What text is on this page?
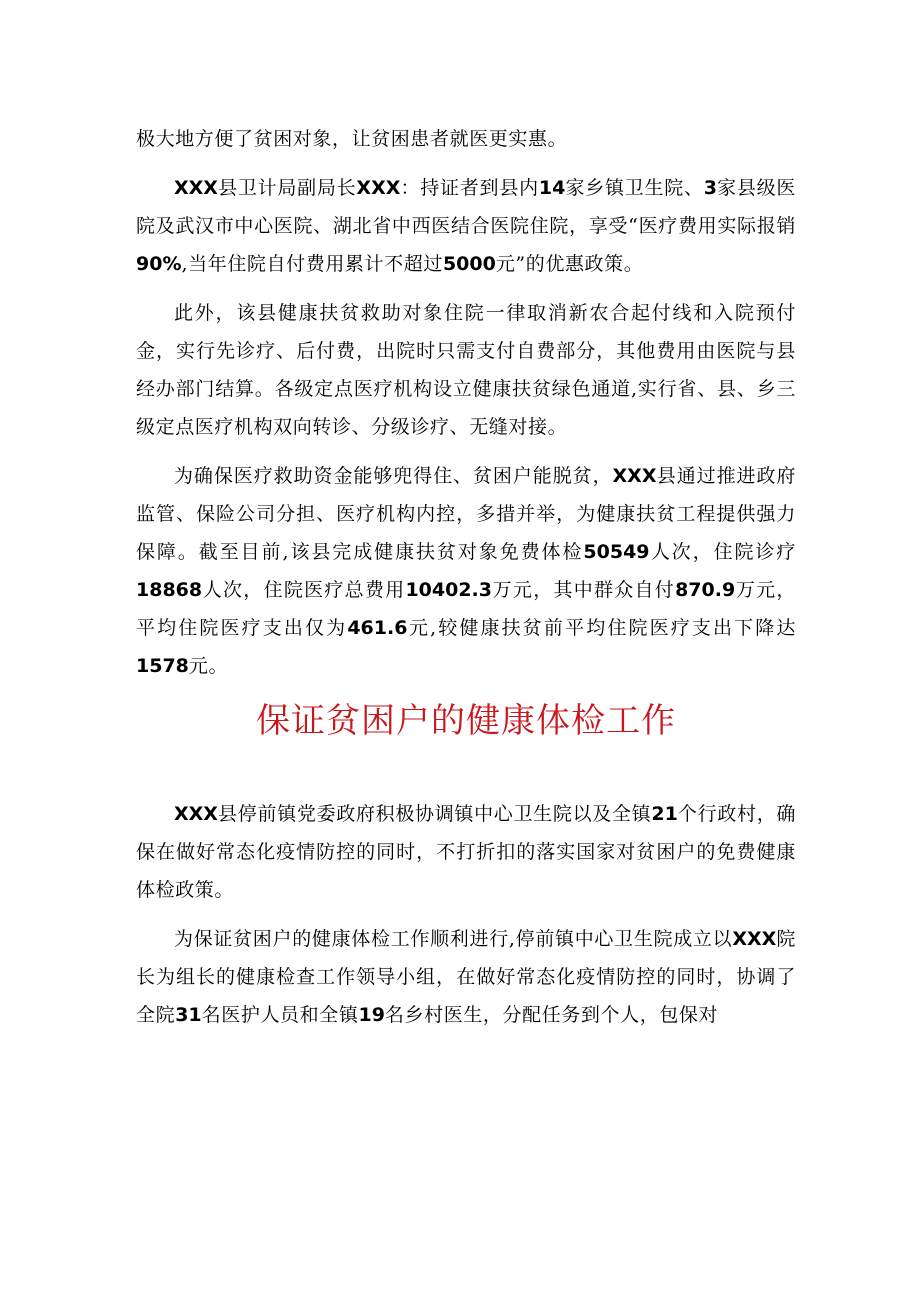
极大地方便了贫困对象，让贫困患者就医更实惠。

XXX县卫计局副局长XXX：持证者到县内14家乡镇卫生院、3家县级医院及武汉市中心医院、湖北省中西医结合医院住院，享受“医疗费用实际报销90%,当年住院自付费用累计不超过5000元”的优惠政策。

此外，该县健康扶贫救助对象住院一律取消新农合起付线和入院预付金，实行先诊疗、后付费，出院时只需支付自费部分，其他费用由医院与县经办部门结算。各级定点医疗机构设立健康扶贫绿色通道,实行省、县、乡三级定点医疗机构双向转诊、分级诊疗、无缝对接。

为确保医疗救助资金能够兜得住、贫困户能脱贫，XXX县通过推进政府监管、保险公司分担、医疗机构内控，多措并举，为健康扶贫工程提供强力保障。截至目前,该县完成健康扶贫对象免费体检50549人次，住院诊疗18868人次，住院医疗总费用10402.3万元，其中群众自付870.9万元，平均住院医疗支出仅为461.6元,较健康扶贫前平均住院医疗支出下降达1578元。

保证贫困户的健康体检工作

XXX县停前镇党委政府积极协调镇中心卫生院以及全镇21个行政村，确保在做好常态化疫情防控的同时，不打折扣的落实国家对贫困户的免费健康体检政策。

为保证贫困户的健康体检工作顺利进行,停前镇中心卫生院成立以XXX院长为组长的健康检查工作领导小组，在做好常态化疫情防控的同时，协调了全院31名医护人员和全镇19名乡村医生，分配任务到个人，包保对
